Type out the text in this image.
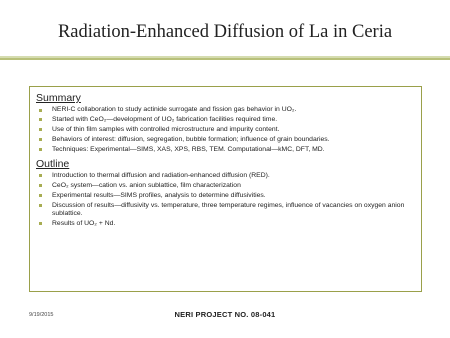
Radiation-Enhanced Diffusion of La in Ceria
Summary
NERI-C collaboration to study actinide surrogate and fission gas behavior in UO₂.
Started with CeO₂—development of UO₂ fabrication facilities required time.
Use of thin film samples with controlled microstructure and impurity content.
Behaviors of interest: diffusion, segregation, bubble formation; influence of grain boundaries.
Techniques: Experimental—SIMS, XAS, XPS, RBS, TEM. Computational—kMC, DFT, MD.
Outline
Introduction to thermal diffusion and radiation-enhanced diffusion (RED).
CeO₂ system—cation vs. anion sublattice, film characterization
Experimental results—SIMS profiles, analysis to determine diffusivities.
Discussion of results—diffusivity vs. temperature, three temperature regimes, influence of vacancies on oxygen anion sublattice.
Results of UO₂ + Nd.
9/19/2015	NERI PROJECT NO. 08-041
